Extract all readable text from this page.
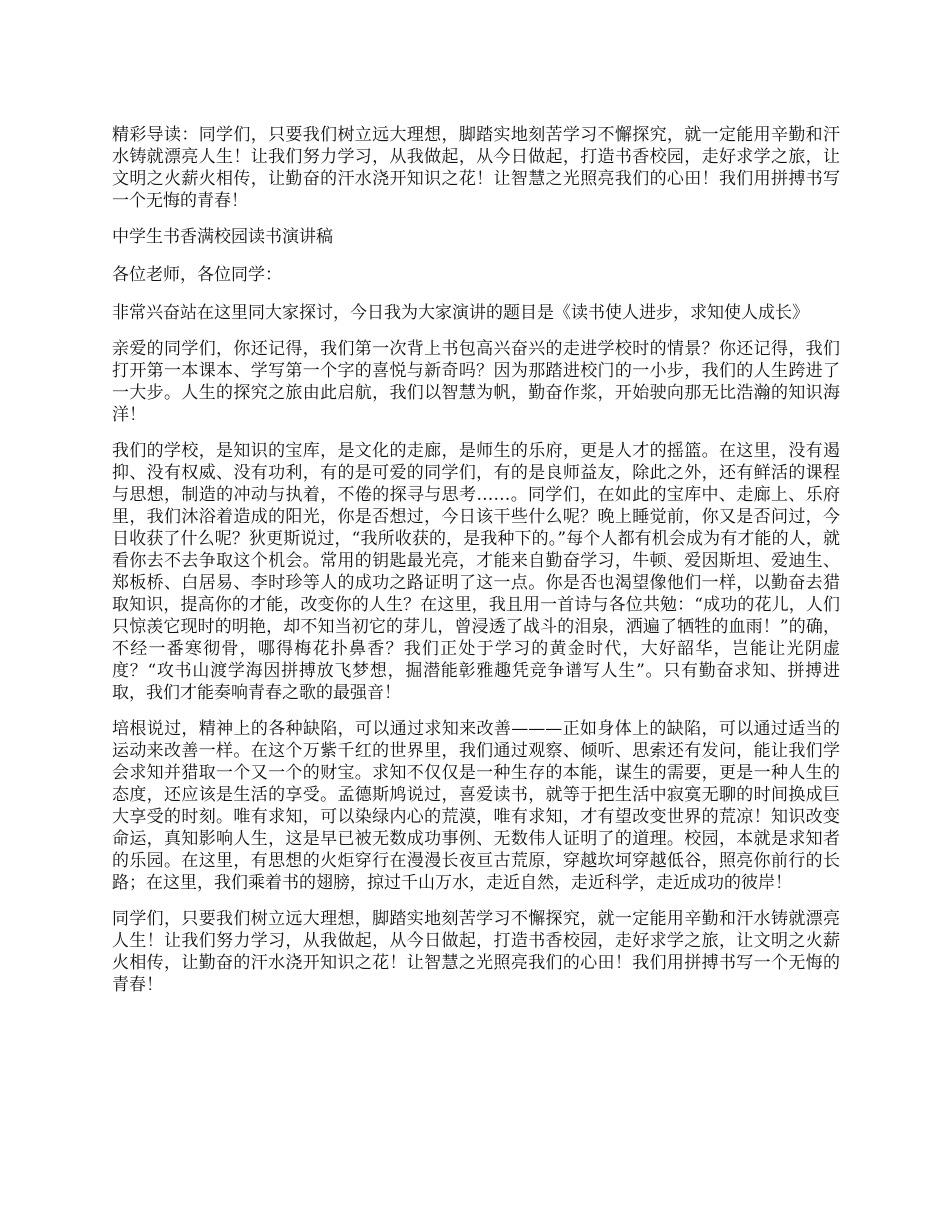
精彩导读：同学们，只要我们树立远大理想，脚踏实地刻苦学习不懈探究，就一定能用辛勤和汗水铸就漂亮人生！让我们努力学习，从我做起，从今日做起，打造书香校园，走好求学之旅，让文明之火薪火相传，让勤奋的汗水浇开知识之花！让智慧之光照亮我们的心田！我们用拼搏书写一个无悔的青春！

中学生书香满校园读书演讲稿

各位老师，各位同学：

非常兴奋站在这里同大家探讨，今日我为大家演讲的题目是《读书使人进步，求知使人成长》

亲爱的同学们，你还记得，我们第一次背上书包高兴奋兴的走进学校时的情景？你还记得，我们打开第一本课本、学写第一个字的喜悦与新奇吗？因为那踏进校门的一小步，我们的人生跨进了一大步。人生的探究之旅由此启航，我们以智慧为帆，勤奋作浆，开始驶向那无比浩瀚的知识海洋！

我们的学校，是知识的宝库，是文化的走廊，是师生的乐府，更是人才的摇篮。在这里，没有遏抑、没有权威、没有功利，有的是可爱的同学们，有的是良师益友，除此之外，还有鲜活的课程与思想，制造的冲动与执着，不倦的探寻与思考……。同学们，在如此的宝库中、走廊上、乐府里，我们沐浴着造成的阳光，你是否想过，今日该干些什么呢？晚上睡觉前，你又是否问过，今日收获了什么呢？狄更斯说过，“我所收获的，是我种下的。”每个人都有机会成为有才能的人，就看你去不去争取这个机会。常用的钥匙最光亮，才能来自勤奋学习，牛顿、爱因斯坦、爱迪生、郑板桥、白居易、李时珍等人的成功之路证明了这一点。你是否也渴望像他们一样，以勤奋去猎取知识，提高你的才能，改变你的人生？在这里，我且用一首诗与各位共勉：“成功的花儿，人们只惊羡它现时的明艳，却不知当初它的芽儿，曾浸透了战斗的泪泉，洒遍了牺牲的血雨！”的确，不经一番寒彻骨，哪得梅花扑鼻香？我们正处于学习的黄金时代，大好韶华，岂能让光阴虚度？“攻书山渡学海因拼搏放飞梦想，掘潜能彰雅趣凭竞争谱写人生”。只有勤奋求知、拼搏进取，我们才能奏响青春之歌的最强音！

培根说过，精神上的各种缺陷，可以通过求知来改善———正如身体上的缺陷，可以通过适当的运动来改善一样。在这个万紫千红的世界里，我们通过观察、倾听、思索还有发问，能让我们学会求知并猎取一个又一个的财宝。求知不仅仅是一种生存的本能，谋生的需要，更是一种人生的态度，还应该是生活的享受。孟德斯鸠说过，喜爱读书，就等于把生活中寂寞无聊的时间换成巨大享受的时刻。唯有求知，可以染绿内心的荒漠，唯有求知，才有望改变世界的荒凉！知识改变命运，真知影响人生，这是早已被无数成功事例、无数伟人证明了的道理。校园，本就是求知者的乐园。在这里，有思想的火炬穿行在漫漫长夜亘古荒原，穿越坎坷穿越低谷，照亮你前行的长路；在这里，我们乘着书的翅膀，掠过千山万水，走近自然，走近科学，走近成功的彼岸！

同学们，只要我们树立远大理想，脚踏实地刻苦学习不懈探究，就一定能用辛勤和汗水铸就漂亮人生！让我们努力学习，从我做起，从今日做起，打造书香校园，走好求学之旅，让文明之火薪火相传，让勤奋的汗水浇开知识之花！让智慧之光照亮我们的心田！我们用拼搏书写一个无悔的青春！
